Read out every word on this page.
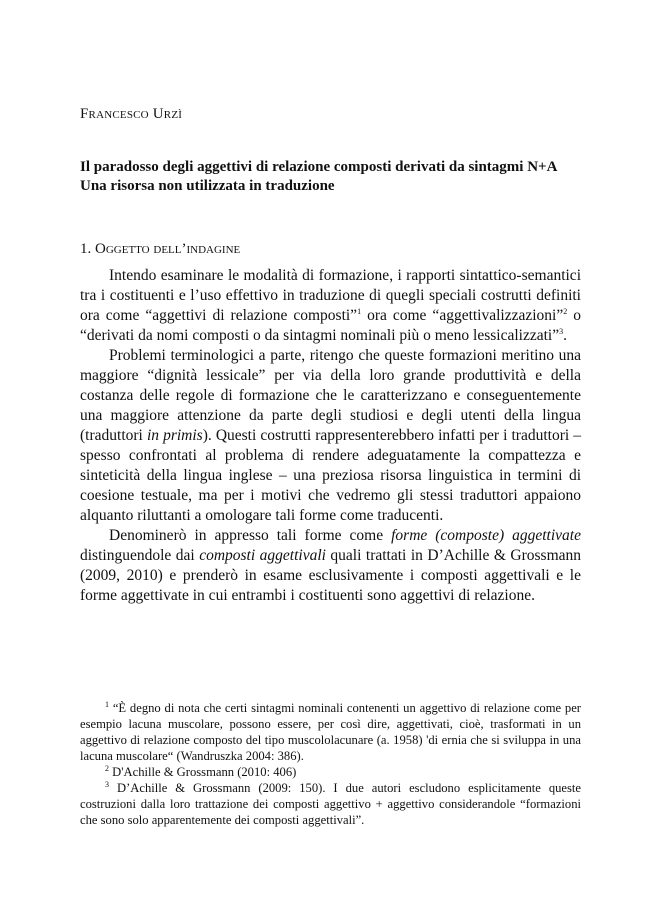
Francesco Urzì
Il paradosso degli aggettivi di relazione composti derivati da sintagmi N+A
Una risorsa non utilizzata in traduzione
1. Oggetto dell’indagine

Intendo esaminare le modalità di formazione, i rapporti sintattico-semantici tra i costituenti e l’uso effettivo in traduzione di quegli speciali costrutti definiti ora come “aggettivi di relazione composti”$^1$ ora come “aggettivalizzazioni”$^2$ o “derivati da nomi composti o da sintagmi nominali più o meno lessicalizzati”$^3$.

Problemi terminologici a parte, ritengo che queste formazioni meritino una maggiore “dignità lessicale” per via della loro grande produttività e della costanza delle regole di formazione che le caratterizzano e conseguentemente una maggiore attenzione da parte degli studiosi e degli utenti della lingua (traduttori in primis). Questi costrutti rappresenterebbero infatti per i traduttori – spesso confrontati al problema di rendere adeguatamente la compattezza e sinteticità della lingua inglese – una preziosa risorsa linguistica in termini di coesione testuale, ma per i motivi che vedremo gli stessi traduttori appaiono alquanto riluttanti a omologare tali forme come traducenti.

Denominerò in appresso tali forme come forme (composte) aggettivate distinguendole dai composti aggettivali quali trattati in D’Achille & Grossmann (2009, 2010) e prenderò in esame esclusivamente i composti aggettivali e le forme aggettivate in cui entrambi i costituenti sono aggettivi di relazione.

$^1$ “È degno di nota che certi sintagmi nominali contenenti un aggettivo di relazione come per esempio lacuna muscolare, possono essere, per così dire, aggettivati, cioè, trasformati in un aggettivo di relazione composto del tipo muscololacunare (a. 1958) 'di ernia che si sviluppa in una lacuna muscolare“ (Wandruszka 2004: 386).

$^2$ D'Achille & Grossmann (2010: 406)

$^3$ D’Achille & Grossmann (2009: 150). I due autori escludono esplicitamente queste costruzioni dalla loro trattazione dei composti aggettivo + aggettivo considerandole “formazioni che sono solo apparentemente dei composti aggettivali”.
